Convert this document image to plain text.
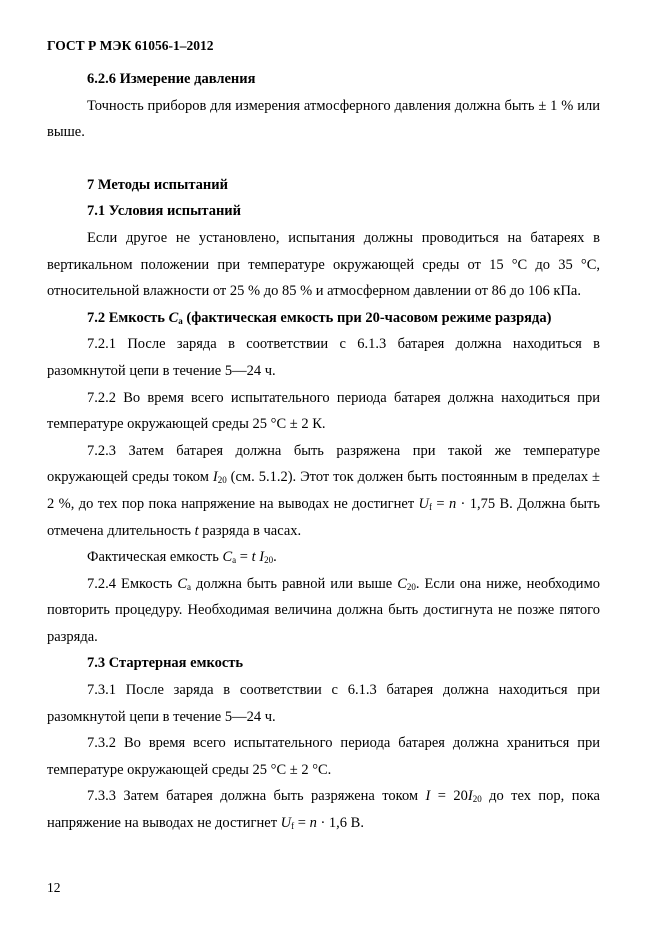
ГОСТ Р МЭК 61056-1–2012

6.2.6 Измерение давления

Точность приборов для измерения атмосферного давления должна быть ± 1 % или выше.

7 Методы испытаний

7.1 Условия испытаний

Если другое не установлено, испытания должны проводиться на батареях в вертикальном положении при температуре окружающей среды от 15 °С до 35 °С, относительной влажности от 25 % до 85 % и атмосферном давлении от 86 до 106 кПа.

7.2 Емкость $C_a$ (фактическая емкость при 20-часовом режиме разряда)

7.2.1 После заряда в соответствии с 6.1.3 батарея должна находиться в разомкнутой цепи в течение 5—24 ч.

7.2.2 Во время всего испытательного периода батарея должна находиться при температуре окружающей среды 25 °С ± 2 К.

7.2.3 Затем батарея должна быть разряжена при такой же температуре окружающей среды током $I_{20}$ (см. 5.1.2). Этот ток должен быть постоянным в пределах ± 2 %, до тех пор пока напряжение на выводах не достигнет $U_f = n \cdot 1,75$ В. Должна быть отмечена длительность t разряда в часах.

Фактическая емкость $C_a = t$ $I_{20}$.

7.2.4 Емкость $C_a$ должна быть равной или выше $C_{20}$. Если она ниже, необходимо повторить процедуру. Необходимая величина должна быть достигнута не позже пятого разряда.

7.3 Стартерная емкость

7.3.1 После заряда в соответствии с 6.1.3 батарея должна находиться при разомкнутой цепи в течение 5—24 ч.

7.3.2 Во время всего испытательного периода батарея должна храниться при температуре окружающей среды 25 °С ± 2 °С.

7.3.3 Затем батарея должна быть разряжена током $I = 20I_{20}$ до тех пор, пока напряжение на выводах не достигнет $U_f = n \cdot 1,6$ В.

12
